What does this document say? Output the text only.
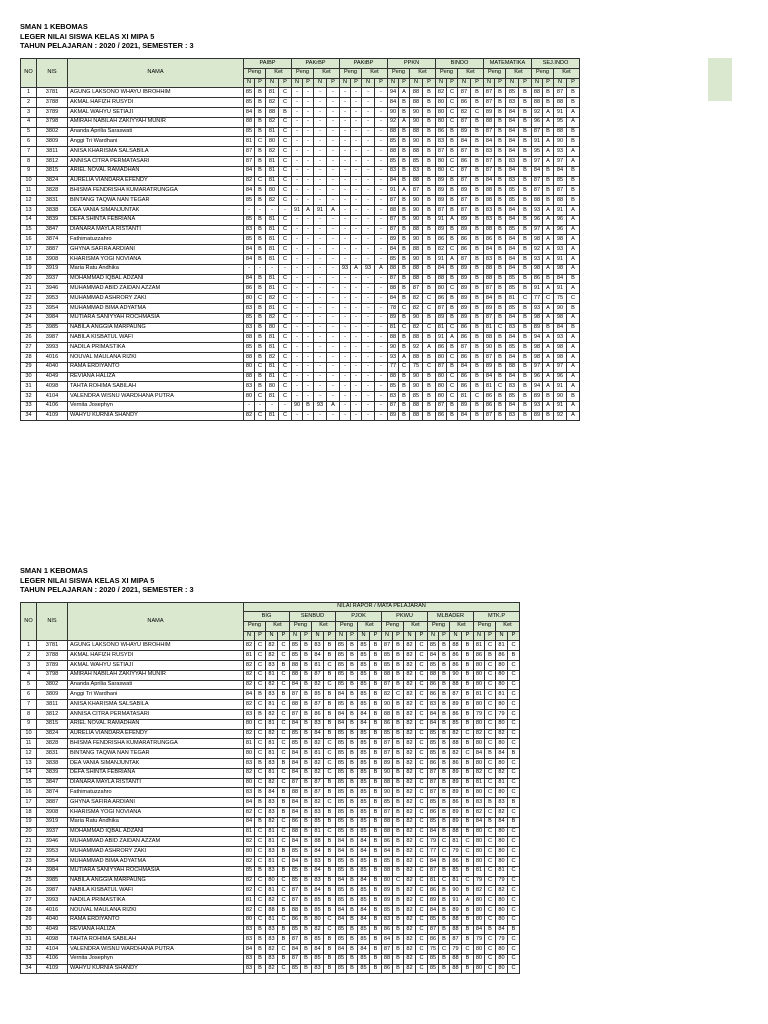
SMAN 1 KEBOMAS
LEGER NILAI SISWA KELAS XI MIPA 5
TAHUN PELAJARAN : 2020 / 2021, SEMESTER : 3
NO	NIS	NAMA	PAIBP				PAKrBP				PAKtBP				PPKN				BINDO				MATEMATIKA				SEJ.INDO			
			Peng		Ket		Peng		Ket		Peng		Ket		Peng		Ket		Peng		Ket		Peng		Ket		Peng		Ket	
			N	P	N	P	N	P	N	P	N	P	N	P	N	P	N	P	N	P	N	P	N	P	N	P	N	P	N	P
1	3781	AGUNG LAKSONO WHAYU IBROHHIM	85	B	81	C	-	-	-	-	-	-	-	-	94	A	88	B	82	C	87	B	87	B	85	B	88	B	87	B
2	3788	AKMAL HAFIZH RUSYDI	85	B	82	C	-	-	-	-	-	-	-	-	84	B	88	B	80	C	86	B	87	B	83	B	88	B	88	B
3	3789	AKMAL WAHYU SETIAJI	84	B	88	B	-	-	-	-	-	-	-	-	90	B	90	B	80	C	82	C	89	B	84	B	92	A	91	A
4	3798	AMIRAH NABILAH ZAKIYYAH MUNIR	88	B	82	C	-	-	-	-	-	-	-	-	92	A	90	B	80	C	87	B	88	B	84	B	96	A	95	A
5	3802	Ananda Aprilia Saraswati	85	B	81	C	-	-	-	-	-	-	-	-	88	B	88	B	86	B	89	B	87	B	84	B	87	B	88	B
6	3809	Anggi Tri Wardhani	81	C	80	C	-	-	-	-	-	-	-	-	85	B	90	B	83	B	84	B	84	B	84	B	91	A	90	B
7	3811	ANISA KHARISMA SALSABILA	87	B	82	C	-	-	-	-	-	-	-	-	88	B	88	B	87	B	87	B	83	B	84	B	95	A	93	A
8	3812	ANNISA CITRA PERMATASARI	87	B	81	C	-	-	-	-	-	-	-	-	85	B	85	B	80	C	86	B	87	B	83	B	97	A	97	A
9	3815	ARIEL NOVAL RAMADHAN	84	B	81	C	-	-	-	-	-	-	-	-	83	B	83	B	80	C	87	B	87	B	84	B	84	B	84	B
10	3824	AURELIA VIANDARA EFENDY	82	C	81	C	-	-	-	-	-	-	-	-	84	B	88	B	89	B	87	B	84	B	83	B	87	B	85	B
11	3828	BHISMA FENDRISHA KUMARATRUNGGA	84	B	80	C	-	-	-	-	-	-	-	-	91	A	87	B	89	B	89	B	88	B	85	B	87	B	87	B
12	3831	BINTANG TAQWA NAN TEGAR	85	B	82	C	-	-	-	-	-	-	-	-	87	B	90	B	89	B	87	B	88	B	85	B	88	B	88	B
13	3838	DEA VANIA SIMANJUNTAK	-	-	-	-	91	A	91	A	-	-	-	-	88	B	90	B	87	B	87	B	83	B	84	B	93	A	91	A
14	3839	DEFA SHINTA FEBRIANA	85	B	81	C	-	-	-	-	-	-	-	-	87	B	90	B	91	A	89	B	83	B	84	B	96	A	96	A
15	3847	DIANARA MAYLA RISTANTI	83	B	81	C	-	-	-	-	-	-	-	-	87	B	88	B	89	B	89	B	88	B	85	B	97	A	96	A
16	3874	Fathimatuzzahro	85	B	81	C	-	-	-	-	-	-	-	-	89	B	90	B	86	B	86	B	86	B	84	B	98	A	98	A
17	3887	GHYNA SAFIRA ARDIANI	84	B	81	C	-	-	-	-	-	-	-	-	84	B	88	B	82	C	86	B	84	B	84	B	92	A	93	A
18	3908	KHARISMA YOGI NOVIANA	84	B	81	C	-	-	-	-	-	-	-	-	85	B	90	B	91	A	87	B	83	B	84	B	93	A	91	A
19	3919	Maria Ratu Andhika	-	-	-	-	-	-	-	-	93	A	93	A	88	B	88	B	84	B	89	B	88	B	84	B	98	A	98	A
20	3937	MOHAMMAD IQBAL ADZANI	84	B	81	C	-	-	-	-	-	-	-	-	87	B	88	B	88	B	89	B	88	B	85	B	86	B	84	B
21	3946	MUHAMMAD ABID ZAIDAN AZZAM	86	B	81	C	-	-	-	-	-	-	-	-	88	B	87	B	80	C	89	B	87	B	85	B	91	A	91	A
22	3953	MUHAMMAD ASHRORY ZAKI	80	C	82	C	-	-	-	-	-	-	-	-	84	B	82	C	86	B	89	B	84	B	81	C	77	C	75	C
23	3954	MUHAMMAD BIMA ADYATMA	83	B	81	C	-	-	-	-	-	-	-	-	78	C	82	C	87	B	89	B	89	B	85	B	93	A	90	B
24	3984	MUTIARA SANIYYAH ROCHMASIA	85	B	82	C	-	-	-	-	-	-	-	-	89	B	90	B	89	B	89	B	87	B	84	B	98	A	98	A
25	3985	NABILA ANGGIA MARPAUNG	83	B	80	C	-	-	-	-	-	-	-	-	81	C	82	C	81	C	86	B	81	C	83	B	89	B	84	B
26	3987	NABILA KISBATUL WAFI	88	B	81	C	-	-	-	-	-	-	-	-	88	B	88	B	91	A	86	B	88	B	84	B	94	A	93	A
27	3993	NADILA PRIMASTIKA	85	B	81	C	-	-	-	-	-	-	-	-	90	B	92	A	86	B	87	B	90	B	85	B	98	A	98	A
28	4016	NOUVAL MAULANA RIZKI	88	B	82	C	-	-	-	-	-	-	-	-	93	A	88	B	80	C	86	B	87	B	84	B	98	A	98	A
29	4040	RAMA ERDIYANTO	80	C	81	C	-	-	-	-	-	-	-	-	77	C	75	C	87	B	84	B	89	B	88	B	97	A	97	A
30	4049	REVIANA HALIZA	88	B	81	C	-	-	-	-	-	-	-	-	88	B	90	B	80	C	86	B	84	B	84	B	96	A	96	A
31	4098	TAHTA ROHIMA SABILAH	83	B	80	C	-	-	-	-	-	-	-	-	85	B	90	B	80	C	86	B	81	C	83	B	94	A	91	A
32	4104	VALENDRA WISNU WARDHANA PUTRA	80	C	81	C	-	-	-	-	-	-	-	-	83	B	85	B	80	C	81	C	86	B	85	B	89	B	90	B
33	4106	Vernita Josephyn	-	-	-	-	90	B	93	A	-	-	-	-	87	B	88	B	87	B	89	B	86	B	84	B	93	A	91	A
34	4109	WAHYU KURNIA SHANDY	82	C	81	C	-	-	-	-	-	-	-	-	89	B	88	B	86	B	84	B	87	B	83	B	89	B	92	A
SMAN 1 KEBOMAS
LEGER NILAI SISWA KELAS XI MIPA 5
TAHUN PELAJARAN : 2020 / 2021, SEMESTER : 3
NO	NIS	NAMA	NILAI RAPOR / MATA PELAJARAN																							
			BIG				SENBUD				PJOK				PKWU				MLBADER				MTK.P			
			Peng		Ket		Peng		Ket		Peng		Ket		Peng		Ket		Peng		Ket		Peng		Ket	
			N	P	N	P	N	P	N	P	N	P	N	P	N	P	N	P	N	P	N	P	N	P	N	P
1	3781	AGUNG LAKSONO WHAYU IBROHHIM	82	C	82	C	85	B	83	B	85	B	85	B	87	B	82	C	85	B	88	B	81	C	81	C
2	3788	AKMAL HAFIZH RUSYDI	81	C	82	C	85	B	84	B	85	B	85	B	85	B	82	C	84	B	86	B	86	B	86	B
3	3789	AKMAL WAHYU SETIAJI	82	C	83	B	88	B	81	C	85	B	85	B	85	B	82	C	85	B	86	B	80	C	80	C
4	3798	AMIRAH NABILAH ZAKIYYAH MUNIR	82	C	81	C	88	B	87	B	85	B	85	B	88	B	82	C	88	B	90	B	80	C	80	C
5	3802	Ananda Aprilia Saraswati	82	C	82	C	84	B	82	C	85	B	85	B	87	B	82	C	86	B	88	B	80	C	80	C
6	3809	Anggi Tri Wardhani	84	B	83	B	87	B	85	B	84	B	85	B	82	C	82	C	86	B	87	B	81	C	81	C
7	3811	ANISA KHARISMA SALSABILA	82	C	81	C	88	B	87	B	85	B	85	B	90	B	82	C	83	B	89	B	80	C	80	C
8	3812	ANNISA CITRA PERMATASARI	83	B	82	C	87	B	86	B	84	B	84	B	88	B	82	C	84	B	86	B	79	C	79	C
9	3815	ARIEL NOVAL RAMADHAN	80	C	81	C	84	B	83	B	84	B	84	B	86	B	82	C	84	B	85	B	80	C	80	C
10	3824	AURELIA VIANDARA EFENDY	82	C	82	C	85	B	84	B	85	B	85	B	85	B	82	C	85	B	82	C	82	C	82	C
11	3828	BHISMA FENDRISHA KUMARATRUNGGA	81	C	81	C	85	B	82	C	85	B	85	B	87	B	82	C	85	B	88	B	80	C	80	C
12	3831	BINTANG TAQWA NAN TEGAR	80	C	81	C	84	B	81	C	85	B	85	B	87	B	82	C	85	B	82	C	84	B	84	B
13	3838	DEA VANIA SIMANJUNTAK	83	B	83	B	84	B	82	C	85	B	85	B	89	B	82	C	86	B	86	B	80	C	80	C
14	3839	DEFA SHINTA FEBRIANA	82	C	81	C	84	B	82	C	85	B	85	B	90	B	82	C	87	B	89	B	82	C	82	C
15	3847	DIANARA MAYLA RISTANTI	80	C	82	C	87	B	87	B	85	B	85	B	88	B	82	C	87	B	89	B	81	C	81	C
16	3874	Fathimatuzzahro	83	B	84	B	88	B	87	B	85	B	85	B	90	B	82	C	87	B	89	B	80	C	80	C
17	3887	GHYNA SAFIRA ARDIANI	84	B	83	B	84	B	82	C	85	B	85	B	85	B	82	C	85	B	86	B	83	B	83	B
18	3908	KHARISMA YOGI NOVIANA	82	C	83	B	84	B	83	B	85	B	85	B	87	B	82	C	86	B	89	B	82	C	82	C
19	3919	Maria Ratu Andhika	84	B	82	C	86	B	85	B	85	B	85	B	88	B	82	C	85	B	89	B	84	B	84	B
20	3937	MOHAMMAD IQBAL ADZANI	81	C	81	C	88	B	81	C	85	B	85	B	88	B	82	C	84	B	88	B	80	C	80	C
21	3946	MUHAMMAD ABID ZAIDAN AZZAM	82	C	81	C	84	B	88	B	84	B	84	B	86	B	82	C	79	C	81	C	80	C	80	C
22	3953	MUHAMMAD ASHRORY ZAKI	80	C	83	B	85	B	84	B	84	B	84	B	84	B	82	C	77	C	79	C	80	C	80	C
23	3954	MUHAMMAD BIMA ADYATMA	82	C	81	C	84	B	83	B	85	B	85	B	85	B	82	C	84	B	86	B	80	C	80	C
24	3984	MUTIARA SANIYYAH ROCHMASIA	85	B	83	B	85	B	84	B	85	B	85	B	88	B	82	C	87	B	85	B	81	C	81	C
25	3985	NABILA ANGGIA MARPAUNG	82	C	80	C	85	B	83	B	84	B	84	B	80	C	82	C	81	C	81	C	79	C	79	C
26	3987	NABILA KISBATUL WAFI	82	C	81	C	87	B	84	B	85	B	85	B	89	B	82	C	86	B	90	B	82	C	82	C
27	3993	NADILA PRIMASTIKA	81	C	82	C	87	B	85	B	85	B	85	B	89	B	82	C	89	B	91	A	80	C	80	C
28	4016	NOUVAL MAULANA RIZKI	82	C	88	B	88	B	85	B	84	B	84	B	85	B	82	C	84	B	89	B	80	C	80	C
29	4040	RAMA ERDIYANTO	80	C	81	C	86	B	80	C	84	B	84	B	83	B	82	C	85	B	88	B	80	C	80	C
30	4049	REVIANA HALIZA	83	B	83	B	85	B	82	C	85	B	85	B	86	B	82	C	87	B	88	B	84	B	84	B
31	4098	TAHTA ROHIMA SABILAH	83	B	83	B	87	B	85	B	85	B	85	B	84	B	82	C	86	B	87	B	79	C	79	C
32	4104	VALENDRA WISNU WARDHANA PUTRA	84	B	82	C	84	B	84	B	84	B	84	B	87	B	82	C	75	C	79	C	80	C	80	C
33	4106	Vernita Josephyn	83	B	83	B	87	B	85	B	85	B	85	B	88	B	82	C	85	B	88	B	80	C	80	C
34	4109	WAHYU KURNIA SHANDY	83	B	82	C	85	B	83	B	85	B	85	B	86	B	82	C	85	B	88	B	80	C	80	C
